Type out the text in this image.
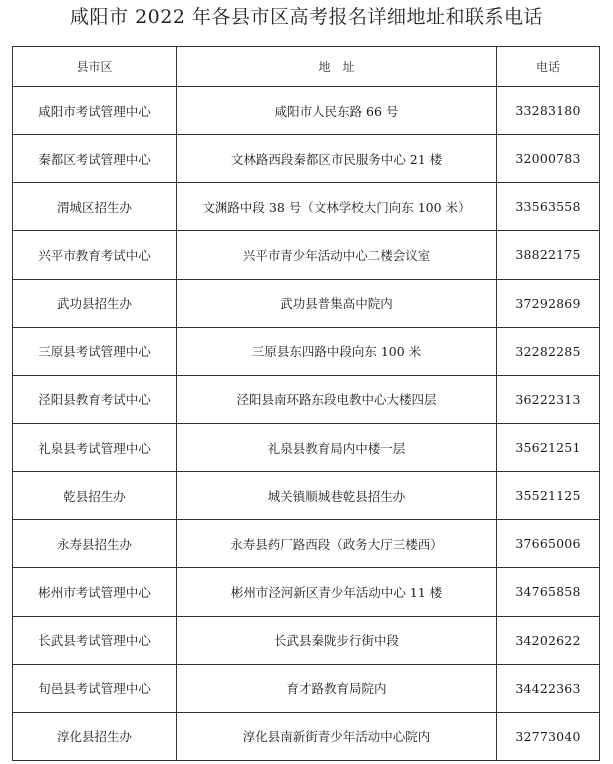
咸阳市 2022 年各县市区高考报名详细地址和联系电话
县市区	地　址	电话
咸阳市考试管理中心	咸阳市人民东路 66 号	33283180
秦都区考试管理中心	文林路西段秦都区市民服务中心 21 楼	32000783
渭城区招生办	文渊路中段 38 号（文林学校大门向东 100 米）	33563558
兴平市教育考试中心	兴平市青少年活动中心二楼会议室	38822175
武功县招生办	武功县普集高中院内	37292869
三原县考试管理中心	三原县东四路中段向东 100 米	32282285
泾阳县教育考试中心	泾阳县南环路东段电教中心大楼四层	36222313
礼泉县考试管理中心	礼泉县教育局内中楼一层	35621251
乾县招生办	城关镇顺城巷乾县招生办	35521125
永寿县招生办	永寿县药厂路西段（政务大厅三楼西）	37665006
彬州市考试管理中心	彬州市泾河新区青少年活动中心 11 楼	34765858
长武县考试管理中心	长武县秦陇步行街中段	34202622
旬邑县考试管理中心	育才路教育局院内	34422363
淳化县招生办	淳化县南新街青少年活动中心院内	32773040
